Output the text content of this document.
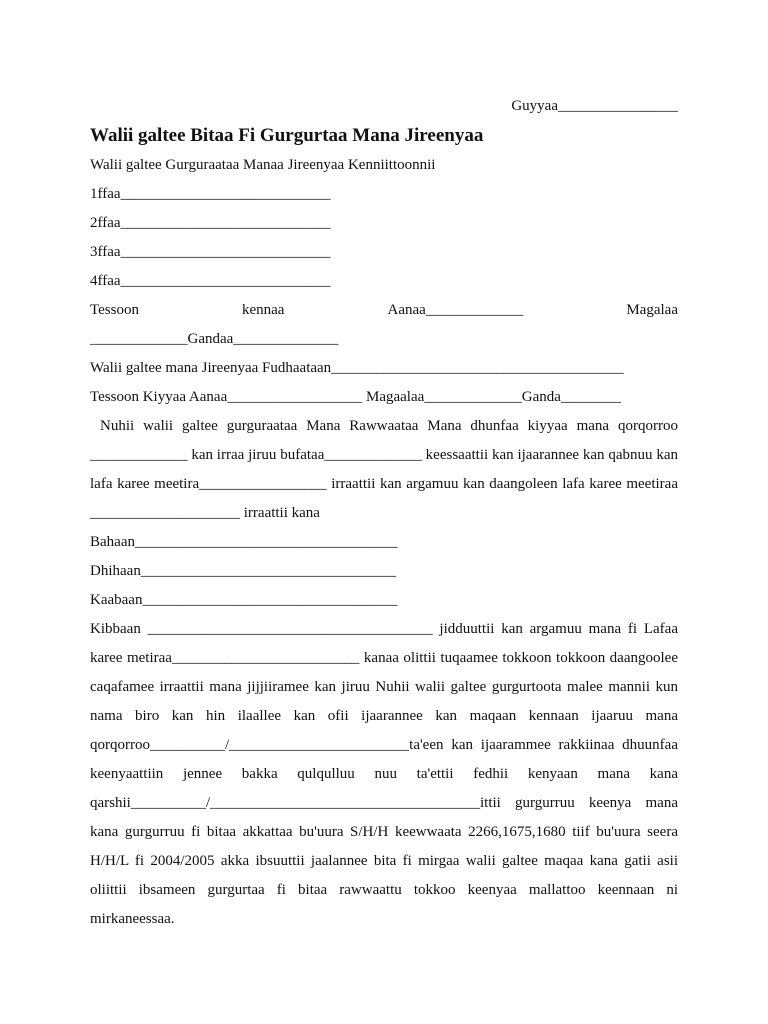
Guyyaa________________
Walii galtee Bitaa Fi Gurgurtaa Mana Jireenyaa
Walii galtee Gurguraataa Manaa Jireenyaa Kenniittoonnii
1ffaa____________________________
2ffaa____________________________
3ffaa____________________________
4ffaa____________________________
Tessoon	kennaa	Aanaa_____________	Magalaa
_____________Gandaa______________
Walii galtee mana Jireenyaa Fudhaataan_______________________________________
Tessoon Kiyyaa Aanaa__________________ Magaalaa_____________Ganda________
Nuhii walii galtee gurguraataa Mana Rawwaataa Mana dhunfaa kiyyaa mana qorqorroo _____________ kan irraa jiruu bufataa_____________ keessaattii kan ijaarannee kan qabnuu kan lafa karee meetira_________________ irraattii kan argamuu kan daangoleen lafa karee meetiraa ____________________ irraattii kana
Bahaan___________________________________
Dhihaan__________________________________
Kaabaan__________________________________
Kibbaan ______________________________________ jidduuttii kan argamuu mana fi Lafaa karee metiraa_________________________ kanaa olittii tuqaamee tokkoon tokkoon daangoolee caqafamee irraattii mana jijjiiramee kan jiruu Nuhii walii galtee gurgurtoota malee mannii kun nama biro kan hin ilaallee kan ofii ijaarannee kan maqaan kennaan ijaaruu mana qorqorroo__________/________________________ta'een kan ijaarammee rakkiinaa dhuunfaa keenyaattiin jennee bakka qulqulluu nuu ta'ettii fedhii kenyaan mana kana qarshii__________/____________________________________ittii gurgurruu keenya mana kana gurgurruu fi bitaa akkattaa bu'uura S/H/H keewwaata 2266,1675,1680 tiif bu'uura seera H/H/L fi 2004/2005 akka ibsuuttii jaalannee bita fi mirgaa walii galtee maqaa kana gatii asii oliittii ibsameen gurgurtaa fi bitaa rawwaattu tokkoo keenyaa mallattoo keennaan ni mirkaneessaa.
